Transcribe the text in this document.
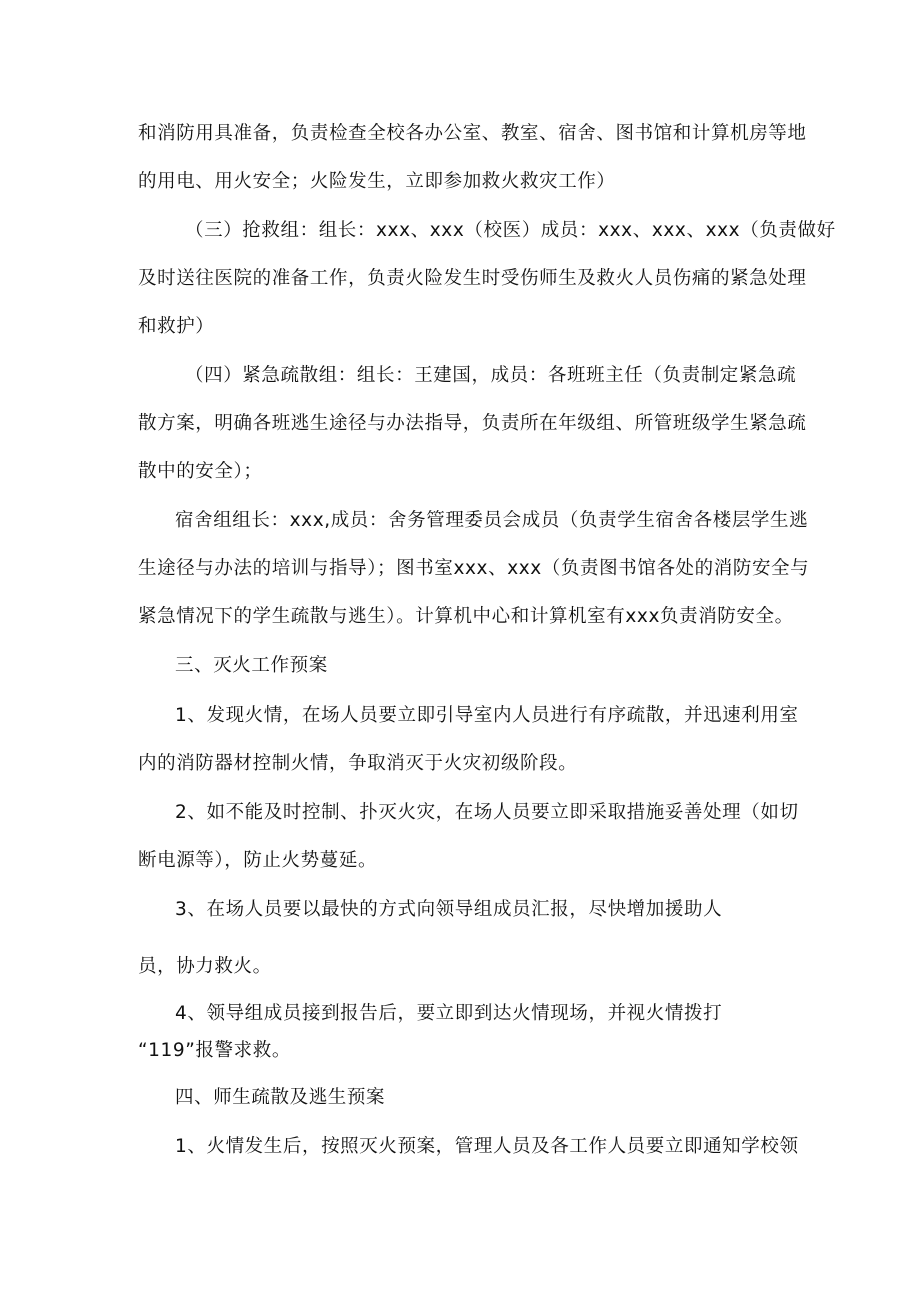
和消防用具准备，负责检查全校各办公室、教室、宿舍、图书馆和计算机房等地
的用电、用火安全；火险发生，立即参加救火救灾工作）
（三）抢救组：组长：xxx、xxx（校医）成员：xxx、xxx、xxx（负责做好
及时送往医院的准备工作，负责火险发生时受伤师生及救火人员伤痛的紧急处理
和救护）
（四）紧急疏散组：组长：王建国，成员：各班班主任（负责制定紧急疏
散方案，明确各班逃生途径与办法指导，负责所在年级组、所管班级学生紧急疏
散中的安全）；
宿舍组组长：xxx,成员：舍务管理委员会成员（负责学生宿舍各楼层学生逃
生途径与办法的培训与指导）；图书室xxx、xxx（负责图书馆各处的消防安全与
紧急情况下的学生疏散与逃生）。计算机中心和计算机室有xxx负责消防安全。
三、灭火工作预案
1、发现火情，在场人员要立即引导室内人员进行有序疏散，并迅速利用室
内的消防器材控制火情，争取消灭于火灾初级阶段。
2、如不能及时控制、扑灭火灾，在场人员要立即采取措施妥善处理（如切
断电源等），防止火势蔓延。
3、在场人员要以最快的方式向领导组成员汇报，尽快增加援助人
员，协力救火。
4、领导组成员接到报告后，要立即到达火情现场，并视火情拨打
“119”报警求救。
四、师生疏散及逃生预案
1、火情发生后，按照灭火预案，管理人员及各工作人员要立即通知学校领
